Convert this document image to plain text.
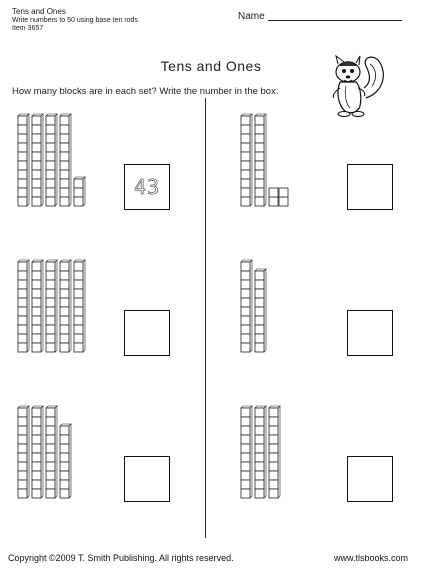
Tens and Ones
Write numbers to 50 using base ten rods
Item 3657
Name
Tens and Ones
How many blocks are in each set? Write the number in the box.
43
Copyright ©2009 T. Smith Publishing. All rights reserved.	www.tlsbooks.com
